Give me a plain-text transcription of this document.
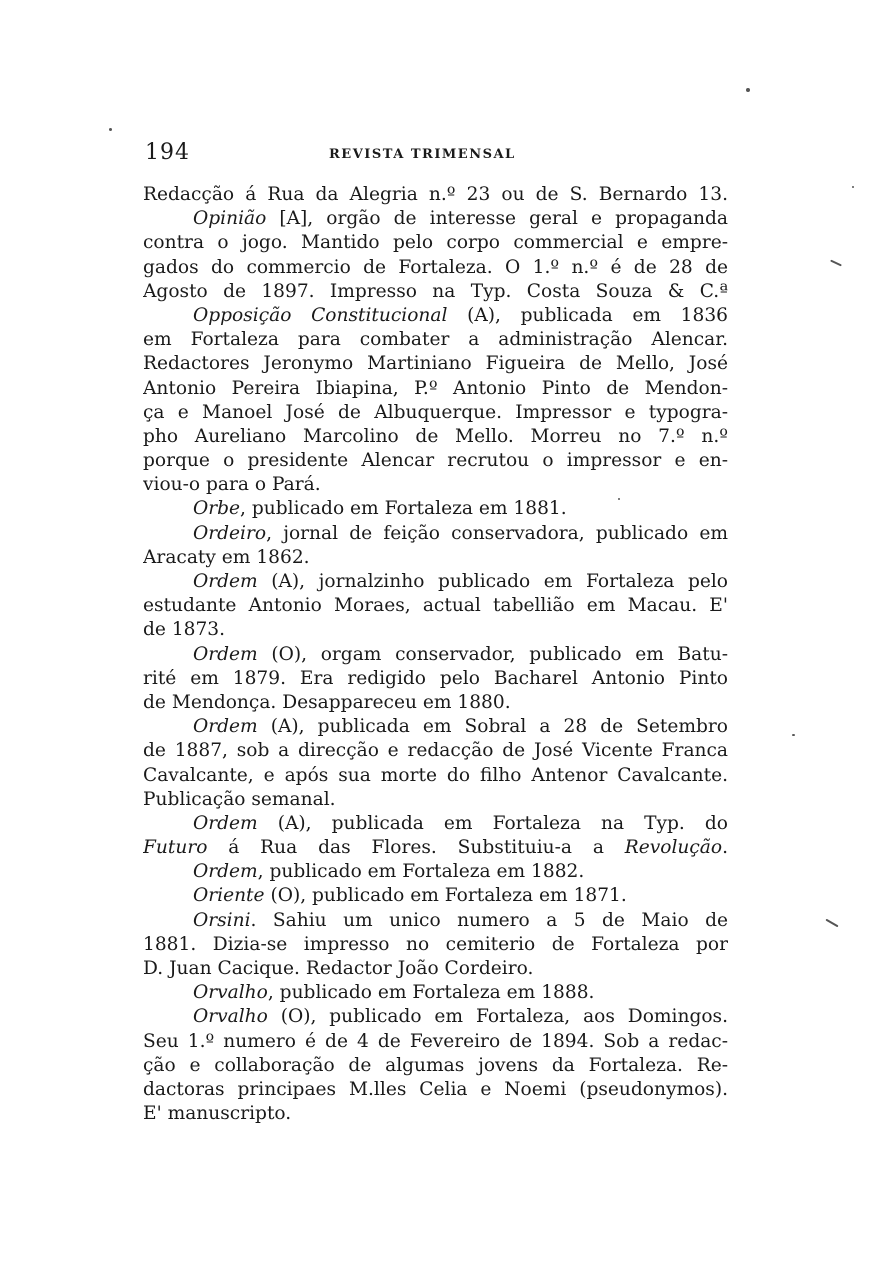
194	REVISTA TRIMENSAL
Redacção á Rua da Alegria n.º 23 ou de S. Bernardo 13.
Opinião [A], orgão de interesse geral e propaganda
contra o jogo. Mantido pelo corpo commercial e empre-
gados do commercio de Fortaleza. O 1.º n.º é de 28 de
Agosto de 1897. Impresso na Typ. Costa Souza & C.ª
Opposição Constitucional (A), publicada em 1836
em Fortaleza para combater a administração Alencar.
Redactores Jeronymo Martiniano Figueira de Mello, José
Antonio Pereira Ibiapina, P.º Antonio Pinto de Mendon-
ça e Manoel José de Albuquerque. Impressor e typogra-
pho Aureliano Marcolino de Mello. Morreu no 7.º n.º
porque o presidente Alencar recrutou o impressor e en-
viou-o para o Pará.
Orbe, publicado em Fortaleza em 1881.
Ordeiro, jornal de feição conservadora, publicado em
Aracaty em 1862.
Ordem (A), jornalzinho publicado em Fortaleza pelo
estudante Antonio Moraes, actual tabellião em Macau. E'
de 1873.
Ordem (O), orgam conservador, publicado em Batu-
rité em 1879. Era redigido pelo Bacharel Antonio Pinto
de Mendonça. Desappareceu em 1880.
Ordem (A), publicada em Sobral a 28 de Setembro
de 1887, sob a direcção e redacção de José Vicente Franca
Cavalcante, e após sua morte do filho Antenor Cavalcante.
Publicação semanal.
Ordem (A), publicada em Fortaleza na Typ. do
Futuro á Rua das Flores. Substituiu-a a Revolução.
Ordem, publicado em Fortaleza em 1882.
Oriente (O), publicado em Fortaleza em 1871.
Orsini. Sahiu um unico numero a 5 de Maio de
1881. Dizia-se impresso no cemiterio de Fortaleza por
D. Juan Cacique. Redactor João Cordeiro.
Orvalho, publicado em Fortaleza em 1888.
Orvalho (O), publicado em Fortaleza, aos Domingos.
Seu 1.º numero é de 4 de Fevereiro de 1894. Sob a redac-
ção e collaboração de algumas jovens da Fortaleza. Re-
dactoras principaes M.lles Celia e Noemi (pseudonymos).
E' manuscripto.
